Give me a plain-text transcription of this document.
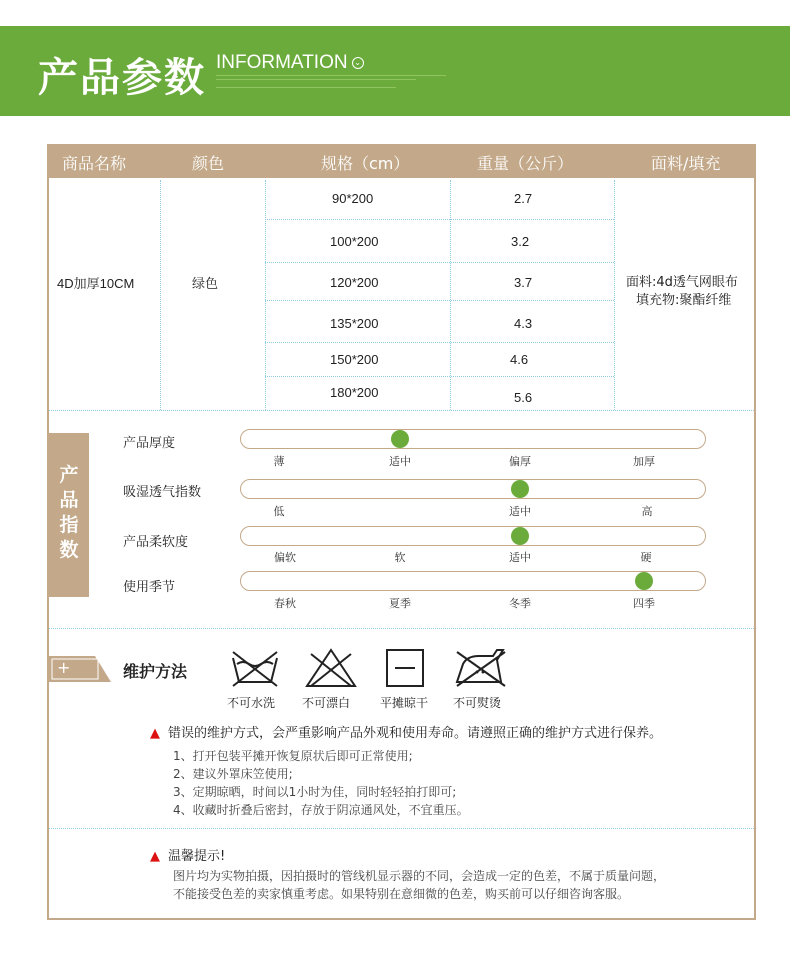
产品参数 INFORMATION ⌄
商品名称	颜色	规格（cm）	重量（公斤）	面料/填充
4D加厚10CM	绿色
90*200	2.7
100*200	3.2
120*200	3.7
135*200	4.3
150*200	4.6
180*200	5.6
面料:4d透气网眼布
填充物:聚酯纤维
产
品
指
数
产品厚度
薄	适中	偏厚	加厚
吸湿透气指数
低	适中	高
产品柔软度
偏软	软	适中	硬
使用季节
春秋	夏季	冬季	四季
+	维护方法
不可水洗 不可漂白 平摊晾干 不可熨烫
▲ 错误的维护方式，会严重影响产品外观和使用寿命。请遵照正确的维护方式进行保养。
1、打开包装平摊开恢复原状后即可正常使用;
2、建议外罩床笠使用;
3、定期晾晒，时间以1小时为佳，同时轻轻拍打即可;
4、收藏时折叠后密封，存放于阴凉通风处，不宜重压。
▲ 温馨提示!
图片均为实物拍摄，因拍摄时的管线机显示器的不同，会造成一定的色差，不属于质量问题，
不能接受色差的卖家慎重考虑。如果特别在意细微的色差，购买前可以仔细咨询客服。
